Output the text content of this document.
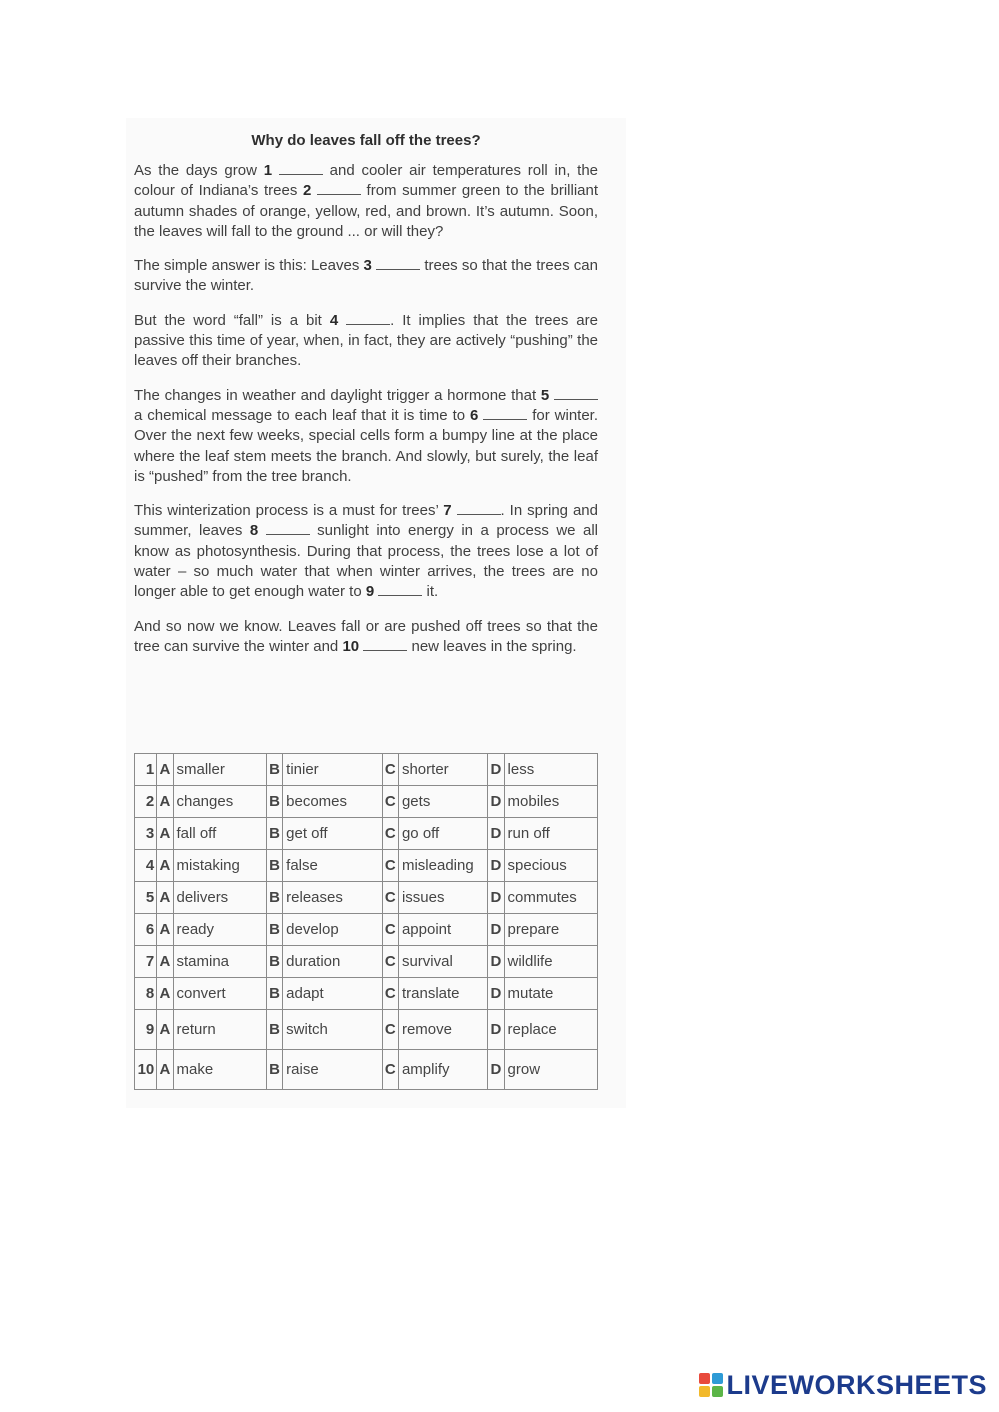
Why do leaves fall off the trees?
As the days grow 1	and cooler air temperatures roll in, the colour of Indiana’s trees 2	from summer green to the brilliant autumn shades of orange, yellow, red, and brown. It’s autumn. Soon, the leaves will fall to the ground ... or will they?
The simple answer is this: Leaves 3	trees so that the trees can survive the winter.
But the word “fall” is a bit 4	. It implies that the trees are passive this time of year, when, in fact, they are actively “pushing” the leaves off their branches.
The changes in weather and daylight trigger a hormone that 5  a chemical message to each leaf that it is time to 6	for winter. Over the next few weeks, special cells form a bumpy line at the place where the leaf stem meets the branch. And slowly, but surely, the leaf is “pushed” from the tree branch.
This winterization process is a must for trees’ 7	. In spring and summer, leaves 8	sunlight into energy in a process we all know as photosynthesis. During that process, the trees lose a lot of water – so much water that when winter arrives, the trees are no longer able to get enough water to 9	it.
And so now we know. Leaves fall or are pushed off trees so that the tree can survive the winter and 10	new leaves in the spring.
1	A	smaller	B	tinier	C	shorter	D	less
2	A	changes	B	becomes	C	gets	D	mobiles
3	A	fall off	B	get off	C	go off	D	run off
4	A	mistaking	B	false	C	misleading	D	specious
5	A	delivers	B	releases	C	issues	D	commutes
6	A	ready	B	develop	C	appoint	D	prepare
7	A	stamina	B	duration	C	survival	D	wildlife
8	A	convert	B	adapt	C	translate	D	mutate
9	A	return	B	switch	C	remove	D	replace
10	A	make	B	raise	C	amplify	D	grow
LIVEWORKSHEETS
